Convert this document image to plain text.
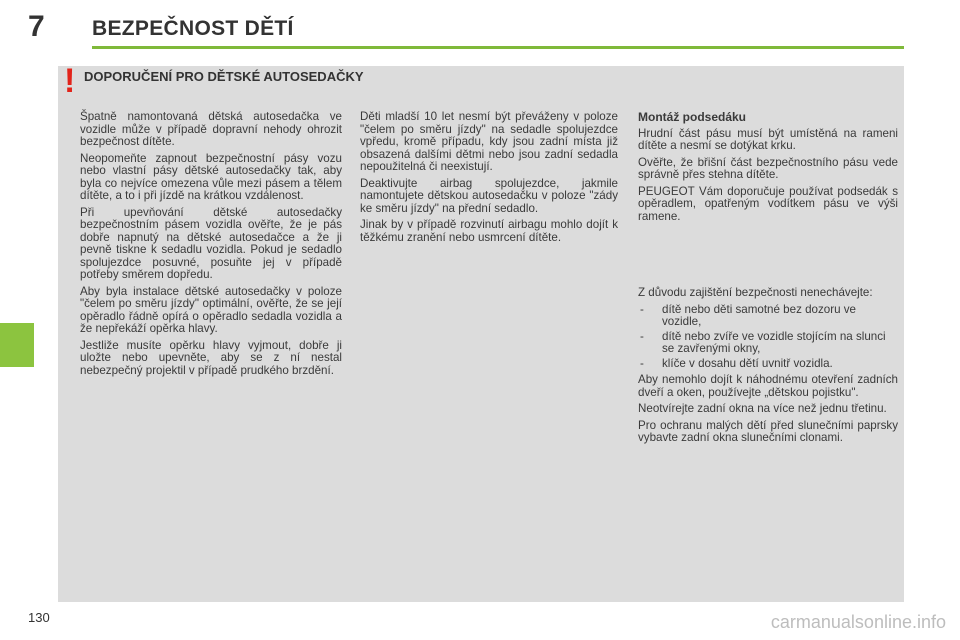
7 BEZPEČNOST DĚTÍ
! DOPORUČENÍ PRO DĚTSKÉ AUTOSEDAČKY

Špatně namontovaná dětská autosedačka ve vozidle může v případě dopravní nehody ohrozit bezpečnost dítěte.

Neopomeňte zapnout bezpečnostní pásy vozu nebo vlastní pásy dětské autosedačky tak, aby byla co nejvíce omezena vůle mezi pásem a tělem dítěte, a to i při jízdě na krátkou vzdálenost.

Při upevňování dětské autosedačky bezpečnostním pásem vozidla ověřte, že je pás dobře napnutý na dětské autosedačce a že ji pevně tiskne k sedadlu vozidla. Pokud je sedadlo spolujezdce posuvné, posuňte jej v případě potřeby směrem dopředu.

Aby byla instalace dětské autosedačky v poloze "čelem po směru jízdy" optimální, ověřte, že se její opěradlo řádně opírá o opěradlo sedadla vozidla a že nepřekáží opěrka hlavy.

Jestliže musíte opěrku hlavy vyjmout, dobře ji uložte nebo upevněte, aby se z ní nestal nebezpečný projektil v případě prudkého brzdění.

Děti mladší 10 let nesmí být převáženy v poloze "čelem po směru jízdy" na sedadle spolujezdce vpředu, kromě případu, kdy jsou zadní místa již obsazená dalšími dětmi nebo jsou zadní sedadla nepoužitelná či neexistují.

Deaktivujte airbag spolujezdce, jakmile namontujete dětskou autosedačku v poloze "zády ke směru jízdy" na přední sedadlo.

Jinak by v případě rozvinutí airbagu mohlo dojít k těžkému zranění nebo usmrcení dítěte.

Montáž podsedáku

Hrudní část pásu musí být umístěná na rameni dítěte a nesmí se dotýkat krku.

Ověřte, že břišní část bezpečnostního pásu vede správně přes stehna dítěte.

PEUGEOT Vám doporučuje používat podsedák s opěradlem, opatřeným vodítkem pásu ve výši ramene.

Z důvodu zajištění bezpečnosti nenechávejte:

- dítě nebo děti samotné bez dozoru ve vozidle,
- dítě nebo zvíře ve vozidle stojícím na slunci se zavřenými okny,
- klíče v dosahu dětí uvnitř vozidla.

Aby nemohlo dojít k náhodnému otevření zadních dveří a oken, používejte „dětskou pojistku".

Neotvírejte zadní okna na více než jednu třetinu.

Pro ochranu malých dětí před slunečními paprsky vybavte zadní okna slunečními clonami.

130	carmanualsonline.info
